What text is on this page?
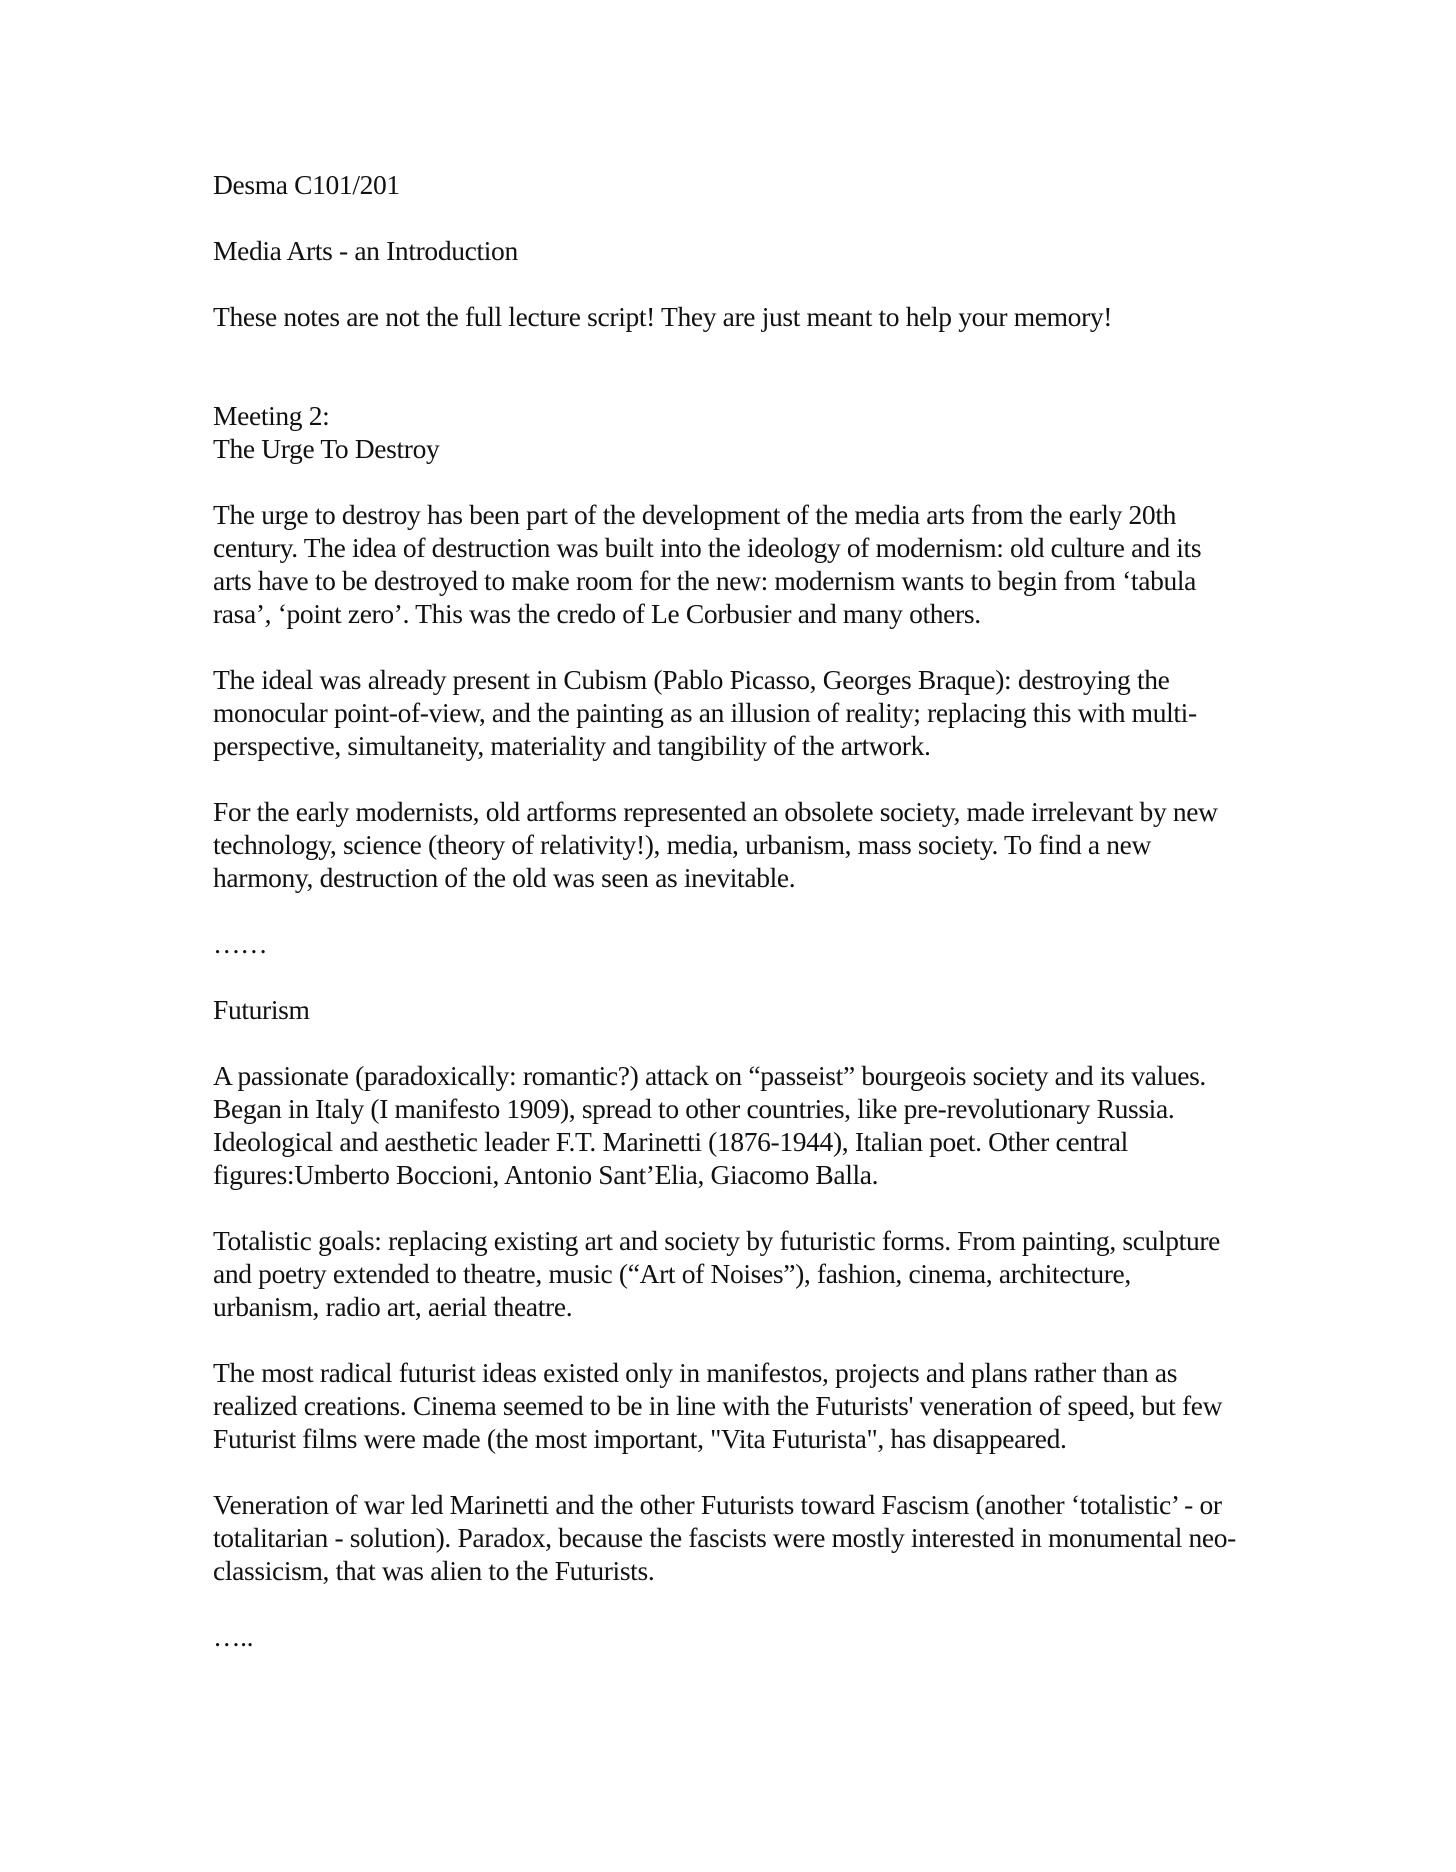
Desma C101/201

Media Arts - an Introduction

These notes are not the full lecture script! They are just meant to help your memory!

Meeting 2:

The Urge To Destroy

The urge to destroy has been part of the development of the media arts from the early 20th century. The idea of destruction was built into the ideology of modernism: old culture and its arts have to be destroyed to make room for the new: modernism wants to begin from ‘tabula rasa’, ‘point zero’. This was the credo of Le Corbusier and many others.

The ideal was already present in Cubism (Pablo Picasso, Georges Braque): destroying the monocular point-of-view, and the painting as an illusion of reality; replacing this with multi-perspective, simultaneity, materiality and tangibility of the artwork.

For the early modernists, old artforms represented an obsolete society, made irrelevant by new technology, science (theory of relativity!), media, urbanism, mass society. To find a new harmony, destruction of the old was seen as inevitable.

……

Futurism

A passionate (paradoxically: romantic?) attack on “passeist” bourgeois society and its values. Began in Italy (I manifesto 1909), spread to other countries, like pre-revolutionary Russia. Ideological and aesthetic leader F.T. Marinetti (1876-1944), Italian poet. Other central figures:Umberto Boccioni, Antonio Sant’Elia, Giacomo Balla.

Totalistic goals: replacing existing art and society by futuristic forms. From painting, sculpture and poetry extended to theatre, music (“Art of Noises”), fashion, cinema, architecture, urbanism, radio art, aerial theatre.

The most radical futurist ideas existed only in manifestos, projects and plans rather than as realized creations. Cinema seemed to be in line with the Futurists' veneration of speed, but few Futurist films were made (the most important, "Vita Futurista", has disappeared.

Veneration of war led Marinetti and the other Futurists toward Fascism (another ‘totalistic’ - or totalitarian - solution). Paradox, because the fascists were mostly interested in monumental neo-classicism, that was alien to the Futurists.

…..
